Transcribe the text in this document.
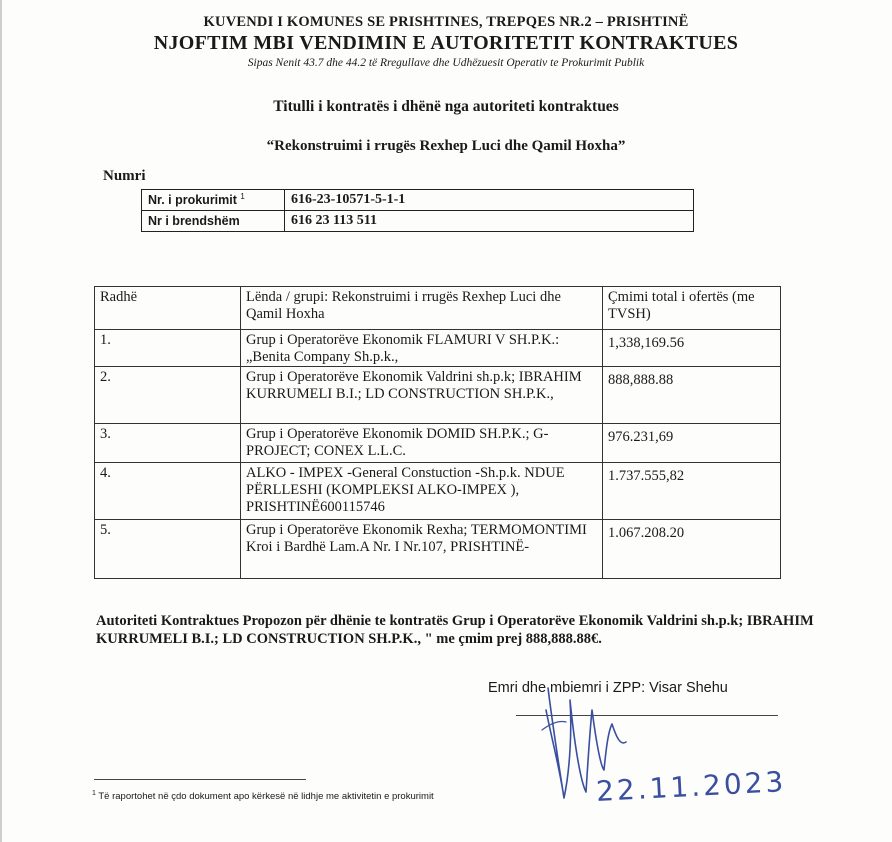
KUVENDI I KOMUNES SE PRISHTINES, TREPQES NR.2 – PRISHTINË
NJOFTIM MBI VENDIMIN E AUTORITETIT KONTRAKTUES
Sipas Nenit 43.7 dhe 44.2 të Rregullave dhe Udhëzuesit Operativ te Prokurimit Publik
Titulli i kontratës i dhënë nga autoriteti kontraktues
“Rekonstruimi i rrugës Rexhep Luci dhe Qamil Hoxha”
Numri
Nr. i prokurimit $^1$	616-23-10571-5-1-1
Nr i brendshëm	616 23 113 511
Radhë	Lënda / grupi: Rekonstruimi i rrugës Rexhep Luci dhe Qamil Hoxha	Çmimi total i ofertës (me TVSH)
1.	Grup i Operatorëve Ekonomik FLAMURI V SH.P.K.: „Benita Company Sh.p.k.,	1,338,169.56

2.	Grup i Operatorëve Ekonomik Valdrini sh.p.k; IBRAHIM KURRUMELI B.I.; LD CONSTRUCTION SH.P.K.,	888,888.88

3.	Grup i Operatorëve Ekonomik DOMID SH.P.K.; G-PROJECT; CONEX L.L.C.	976.231,69

4.	ALKO - IMPEX -General Constuction -Sh.p.k. NDUE PËRLLESHI (KOMPLEKSI ALKO-IMPEX ), PRISHTINË600115746	1.737.555,82

5.	Grup i Operatorëve Ekonomik Rexha; TERMOMONTIMI Kroi i Bardhë Lam.A Nr. I Nr.107, PRISHTINË-	1.067.208.20
Autoriteti Kontraktues Propozon për dhënie te kontratës Grup i Operatorëve Ekonomik Valdrini sh.p.k; IBRAHIM KURRUMELI B.I.; LD CONSTRUCTION SH.P.K., " me çmim prej 888,888.88€.
Emri dhe mbiemri i ZPP: Visar Shehu
22.11.2023
$^1$ Të raportohet në çdo dokument apo kërkesë në lidhje me aktivitetin e prokurimit
